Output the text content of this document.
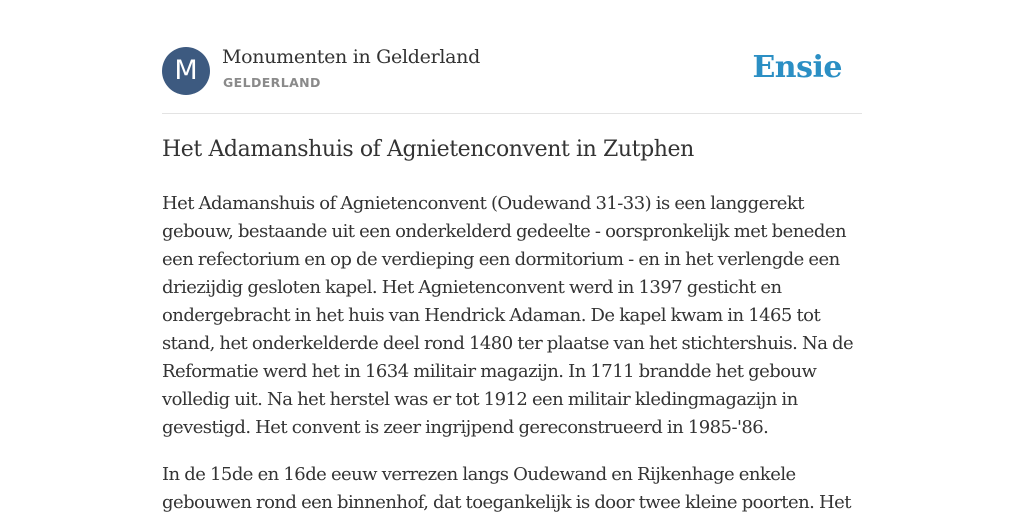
M	Monumenten in Gelderland
GELDERLAND	Ensie
Het Adamanshuis of Agnietenconvent in Zutphen

Het Adamanshuis of Agnietenconvent (Oudewand 31-33) is een langgerekt gebouw, bestaande uit een onderkelderd gedeelte - oorspronkelijk met beneden een refectorium en op de verdieping een dormitorium - en in het verlengde een driezijdig gesloten kapel. Het Agnietenconvent werd in 1397 gesticht en ondergebracht in het huis van Hendrick Adaman. De kapel kwam in 1465 tot stand, het onderkelderde deel rond 1480 ter plaatse van het stichtershuis. Na de Reformatie werd het in 1634 militair magazijn. In 1711 brandde het gebouw volledig uit. Na het herstel was er tot 1912 een militair kledingmagazijn in gevestigd. Het convent is zeer ingrijpend gereconstrueerd in 1985-'86.

In de 15de en 16de eeuw verrezen langs Oudewand en Rijkenhage enkele gebouwen rond een binnenhof, dat toegankelijk is door twee kleine poorten. Het
